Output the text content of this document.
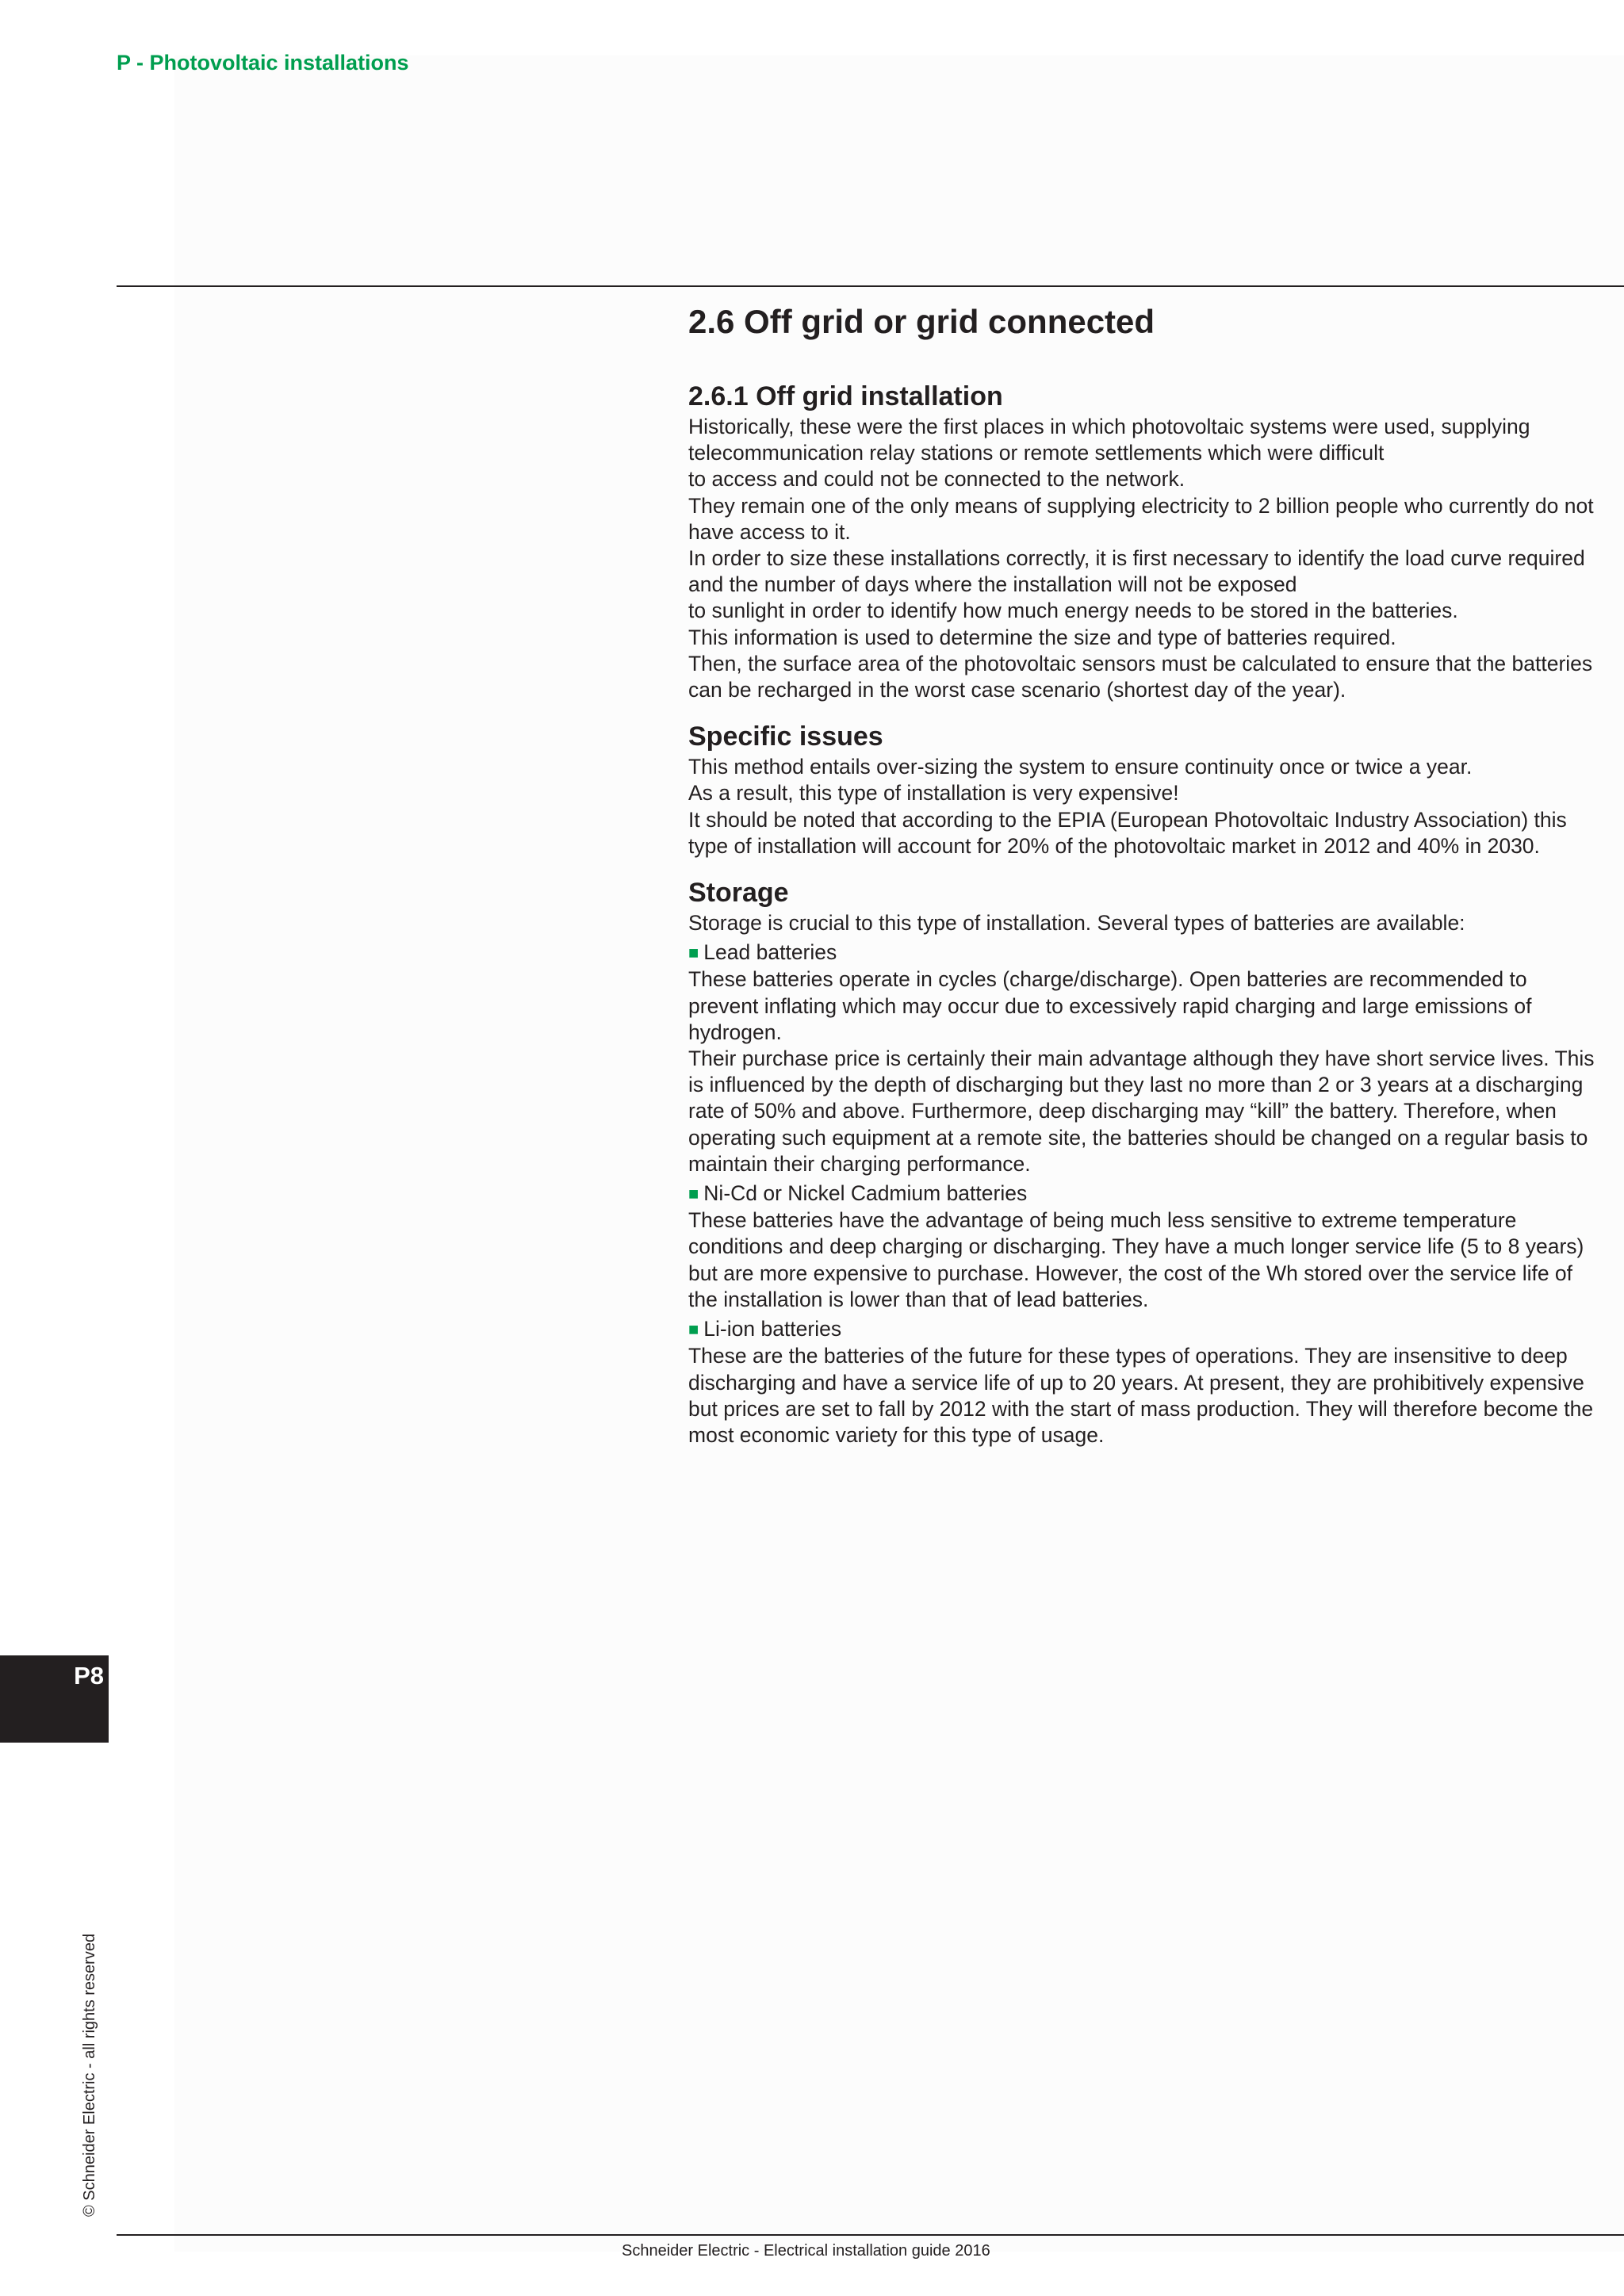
P - Photovoltaic installations
2.6 Off grid or grid connected
2.6.1 Off grid installation

Historically, these were the first places in which photovoltaic systems were used, supplying telecommunication relay stations or remote settlements which were difficult

to access and could not be connected to the network.

They remain one of the only means of supplying electricity to 2 billion people who currently do not have access to it.

In order to size these installations correctly, it is first necessary to identify the load curve required and the number of days where the installation will not be exposed

to sunlight in order to identify how much energy needs to be stored in the batteries.

This information is used to determine the size and type of batteries required.

Then, the surface area of the photovoltaic sensors must be calculated to ensure that the batteries can be recharged in the worst case scenario (shortest day of the year).

Specific issues

This method entails over-sizing the system to ensure continuity once or twice a year.

As a result, this type of installation is very expensive!

It should be noted that according to the EPIA (European Photovoltaic Industry Association) this type of installation will account for 20% of the photovoltaic market in 2012 and 40% in 2030.

Storage

Storage is crucial to this type of installation. Several types of batteries are available:

■ Lead batteries

These batteries operate in cycles (charge/discharge). Open batteries are recommended to prevent inflating which may occur due to excessively rapid charging and large emissions of hydrogen.

Their purchase price is certainly their main advantage although they have short service lives. This is influenced by the depth of discharging but they last no more than 2 or 3 years at a discharging rate of 50% and above. Furthermore, deep discharging may “kill” the battery. Therefore, when operating such equipment at a remote site, the batteries should be changed on a regular basis to maintain their charging performance.

■ Ni-Cd or Nickel Cadmium batteries

These batteries have the advantage of being much less sensitive to extreme temperature conditions and deep charging or discharging. They have a much longer service life (5 to 8 years) but are more expensive to purchase. However, the cost of the Wh stored over the service life of the installation is lower than that of lead batteries.

■ Li-ion batteries

These are the batteries of the future for these types of operations. They are insensitive to deep discharging and have a service life of up to 20 years. At present, they are prohibitively expensive but prices are set to fall by 2012 with the start of mass production. They will therefore become the most economic variety for this type of usage.

P8
© Schneider Electric - all rights reserved
Schneider Electric - Electrical installation guide 2016
